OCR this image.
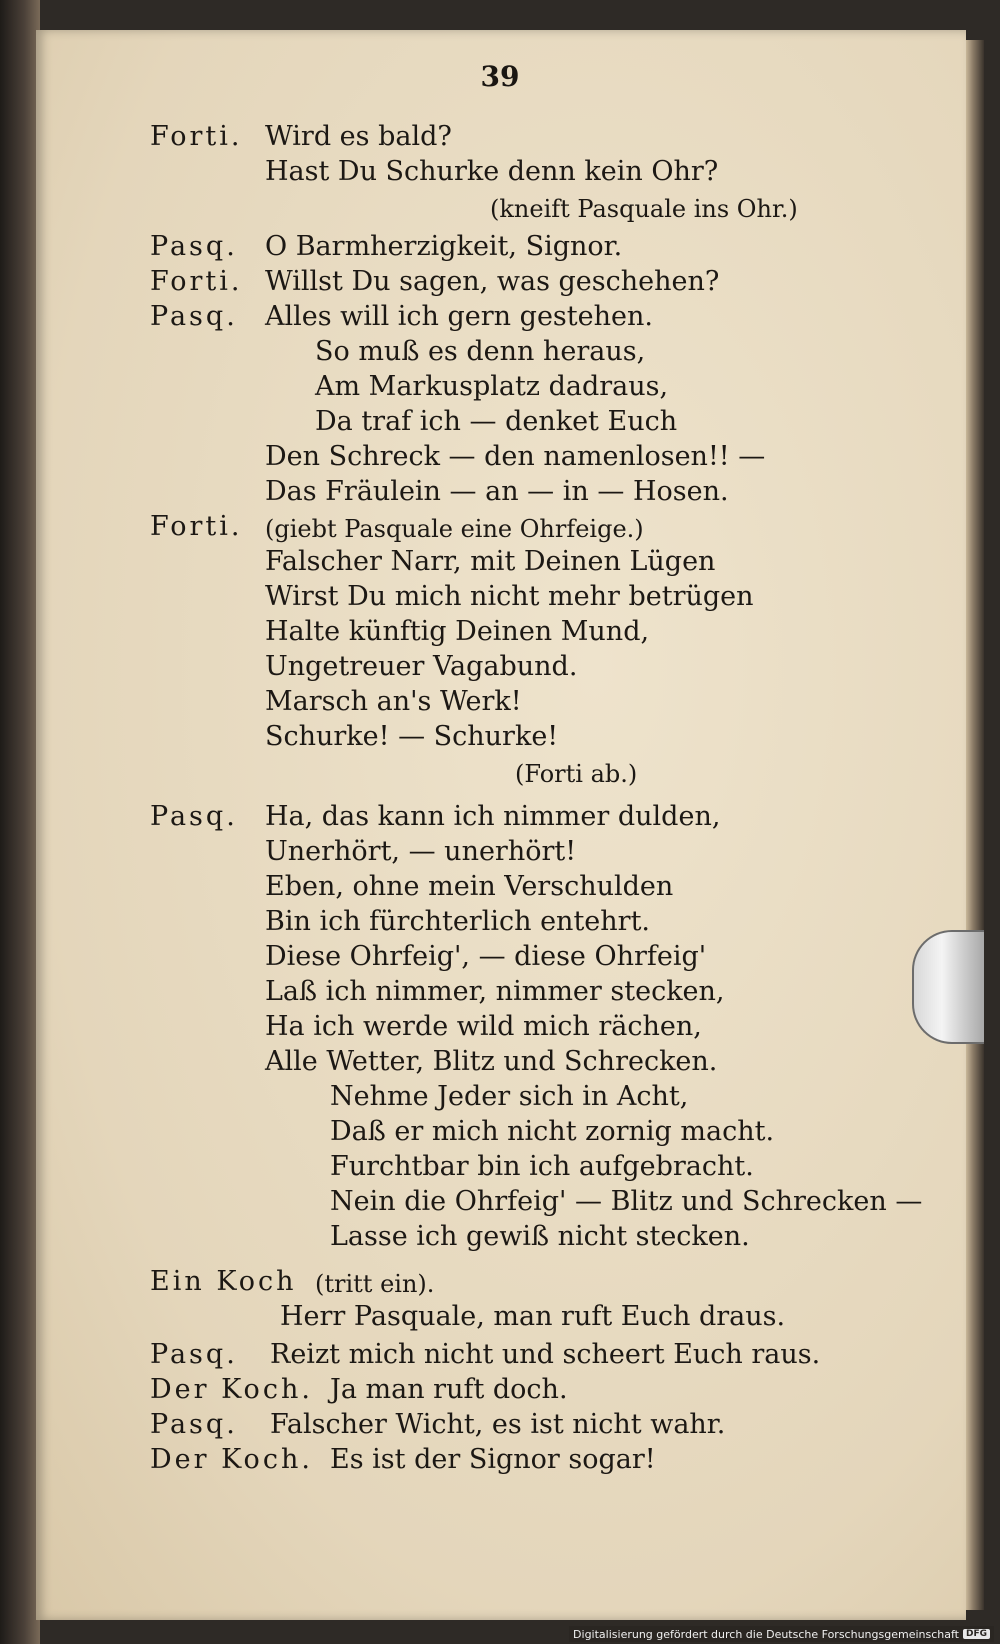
39
Forti. Wird es bald?
Hast Du Schurke denn kein Ohr?
(kneift Pasquale ins Ohr.)
Pasq. O Barmherzigkeit, Signor.
Forti. Willst Du sagen, was geschehen?
Pasq. Alles will ich gern gestehen.
So muß es denn heraus,
Am Markusplatz dadraus,
Da traf ich — denket Euch
Den Schreck — den namenlosen!! —
Das Fräulein — an — in — Hosen.
Forti. (giebt Pasquale eine Ohrfeige.)
Falscher Narr, mit Deinen Lügen
Wirst Du mich nicht mehr betrügen
Halte künftig Deinen Mund,
Ungetreuer Vagabund.
Marsch an's Werk!
Schurke! — Schurke!
(Forti ab.)
Pasq. Ha, das kann ich nimmer dulden,
Unerhört, — unerhört!
Eben, ohne mein Verschulden
Bin ich fürchterlich entehrt.
Diese Ohrfeig', — diese Ohrfeig'
Laß ich nimmer, nimmer stecken,
Ha ich werde wild mich rächen,
Alle Wetter, Blitz und Schrecken.
Nehme Jeder sich in Acht,
Daß er mich nicht zornig macht.
Furchtbar bin ich aufgebracht.
Nein die Ohrfeig' — Blitz und Schrecken —
Lasse ich gewiß nicht stecken.
Ein Koch (tritt ein).
Herr Pasquale, man ruft Euch draus.
Pasq. Reizt mich nicht und scheert Euch raus.
Der Koch. Ja man ruft doch.
Pasq. Falscher Wicht, es ist nicht wahr.
Der Koch. Es ist der Signor sogar!
Digitalisierung gefördert durch die Deutsche Forschungsgemeinschaft DFG
